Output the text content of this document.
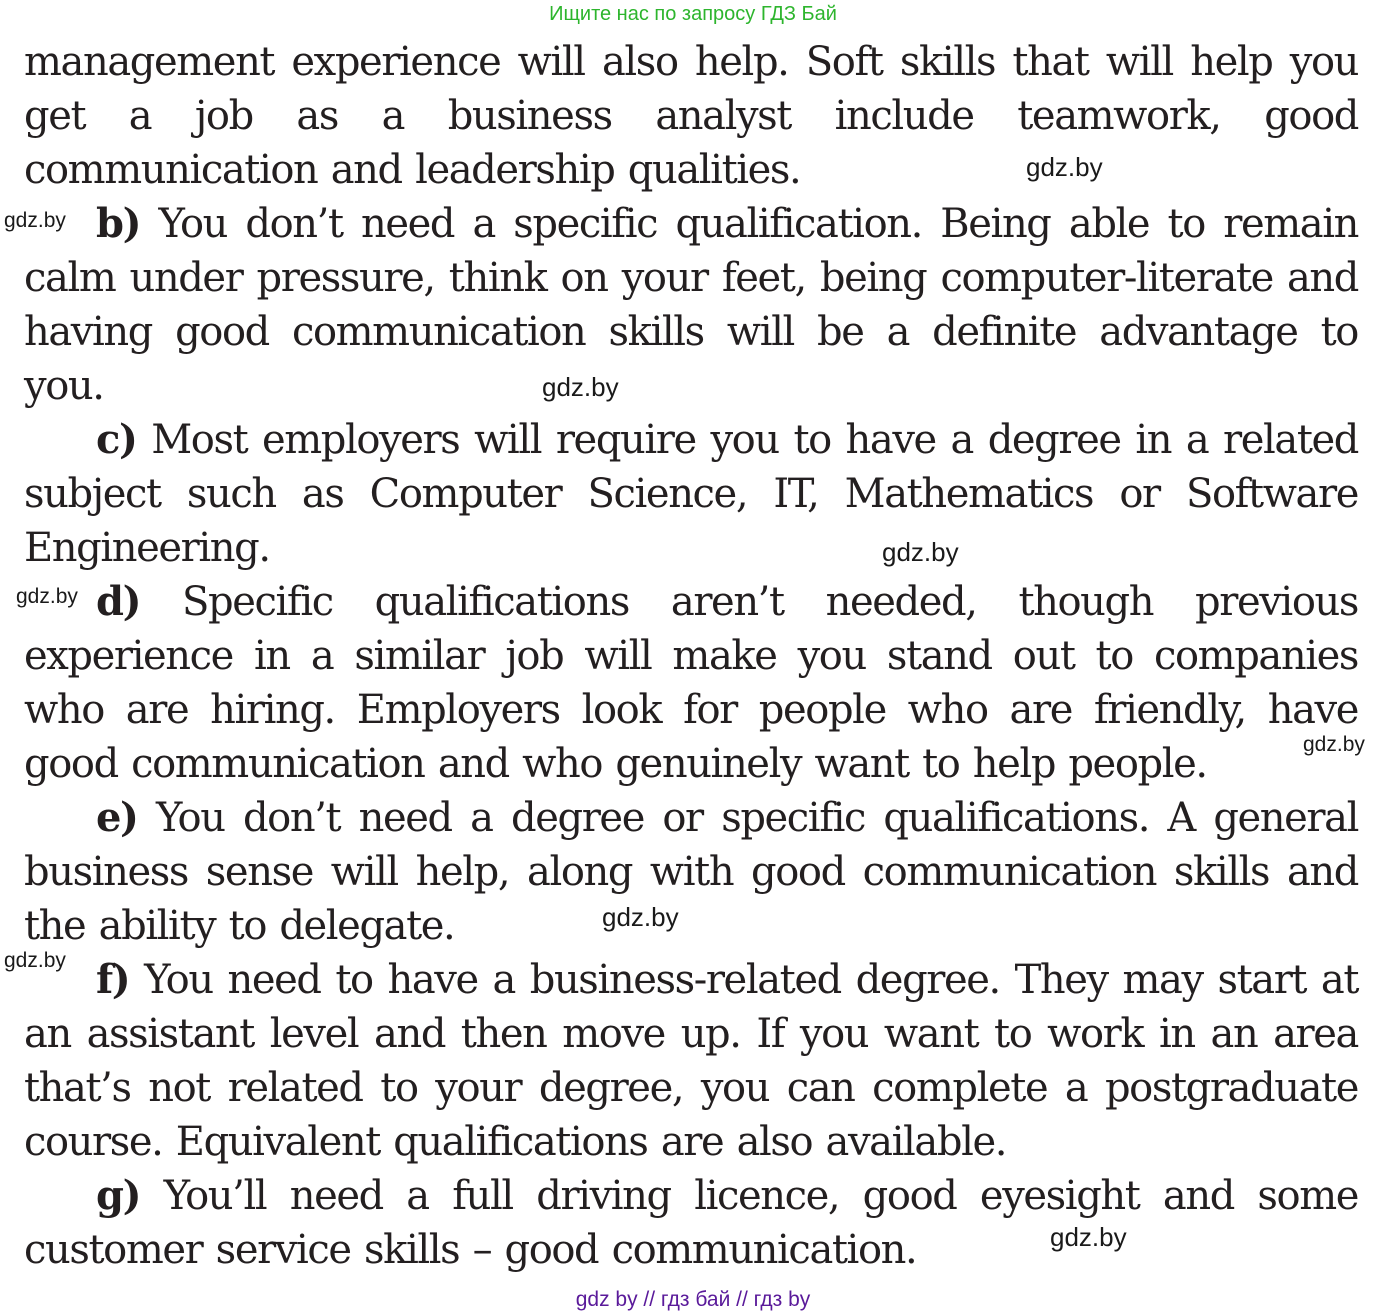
Ищите нас по запросу ГДЗ Бай

management experience will also help. Soft skills that will help you get a job as a business analyst include teamwork, good communication and leadership qualities.

b) You don’t need a specific qualification. Being able to remain calm under pressure, think on your feet, being computer-literate and having good communication skills will be a definite advantage to you.

c) Most employers will require you to have a degree in a related subject such as Computer Science, IT, Mathematics or Software Engineering.

d) Specific qualifications aren’t needed, though previous experience in a similar job will make you stand out to companies who are hiring. Employers look for people who are friendly, have good communication and who genuinely want to help people.

e) You don’t need a degree or specific qualifications. A general business sense will help, along with good communication skills and the ability to delegate.

f) You need to have a business-related degree. They may start at an assistant level and then move up. If you want to work in an area that’s not related to your degree, you can complete a postgraduate course. Equivalent qualifications are also available.

g) You’ll need a full driving licence, good eyesight and some customer service skills – good communication.

gdz.by
gdz.by
gdz.by
gdz.by
gdz.by
gdz.by
gdz.by
gdz.by
gdz.by
gdz by // гдз бай // гдз by
